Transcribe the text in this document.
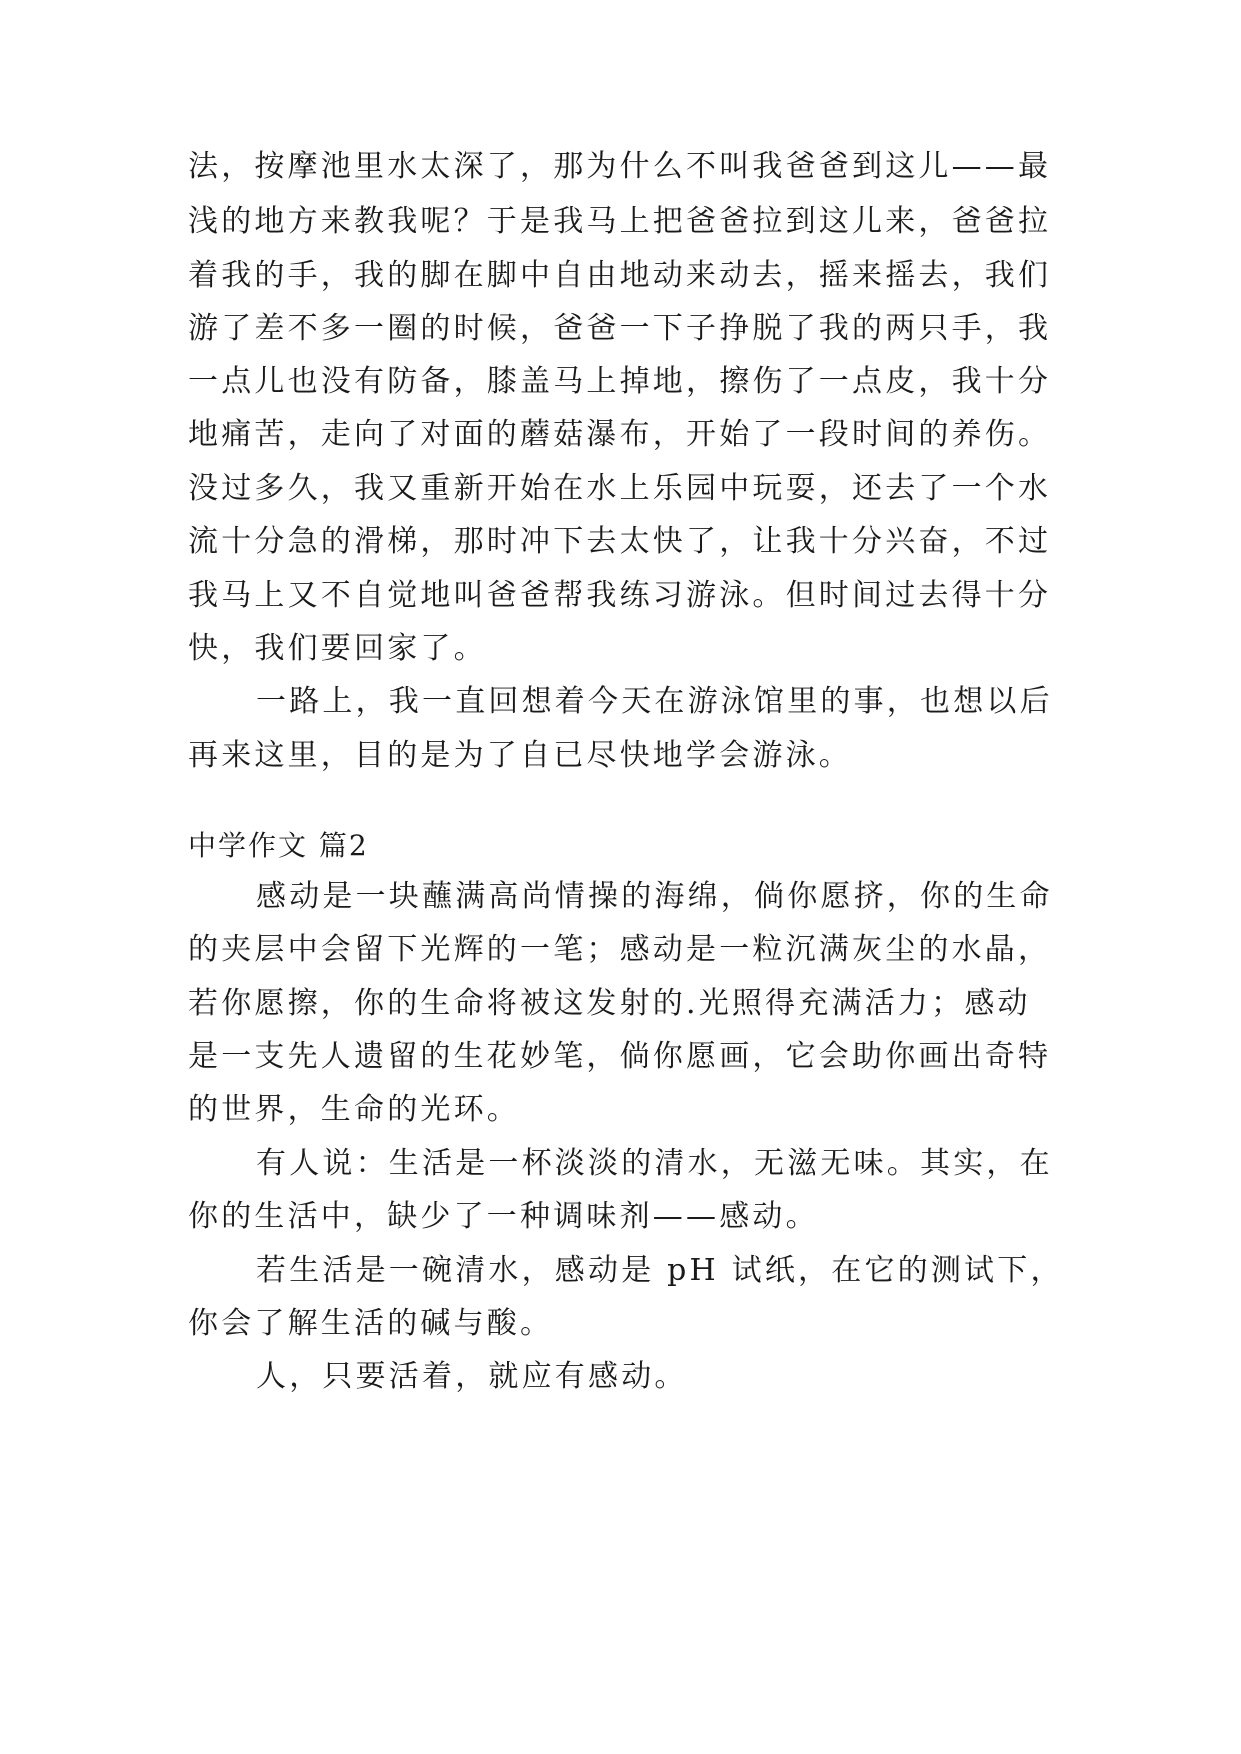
法，按摩池里水太深了，那为什么不叫我爸爸到这儿——最
浅的地方来教我呢？于是我马上把爸爸拉到这儿来，爸爸拉
着我的手，我的脚在脚中自由地动来动去，摇来摇去，我们
游了差不多一圈的时候，爸爸一下子挣脱了我的两只手，我
一点儿也没有防备，膝盖马上掉地，擦伤了一点皮，我十分
地痛苦，走向了对面的蘑菇瀑布，开始了一段时间的养伤。
没过多久，我又重新开始在水上乐园中玩耍，还去了一个水
流十分急的滑梯，那时冲下去太快了，让我十分兴奋，不过
我马上又不自觉地叫爸爸帮我练习游泳。但时间过去得十分
快，我们要回家了。
一路上，我一直回想着今天在游泳馆里的事，也想以后
再来这里，目的是为了自已尽快地学会游泳。
中学作文 篇2
感动是一块蘸满高尚情操的海绵，倘你愿挤，你的生命
的夹层中会留下光辉的一笔；感动是一粒沉满灰尘的水晶，
若你愿擦，你的生命将被这发射的.光照得充满活力；感动
是一支先人遗留的生花妙笔，倘你愿画，它会助你画出奇特
的世界，生命的光环。
有人说：生活是一杯淡淡的清水，无滋无味。其实，在
你的生活中，缺少了一种调味剂——感动。
若生活是一碗清水，感动是 pH 试纸，在它的测试下，
你会了解生活的碱与酸。
人，只要活着，就应有感动。
